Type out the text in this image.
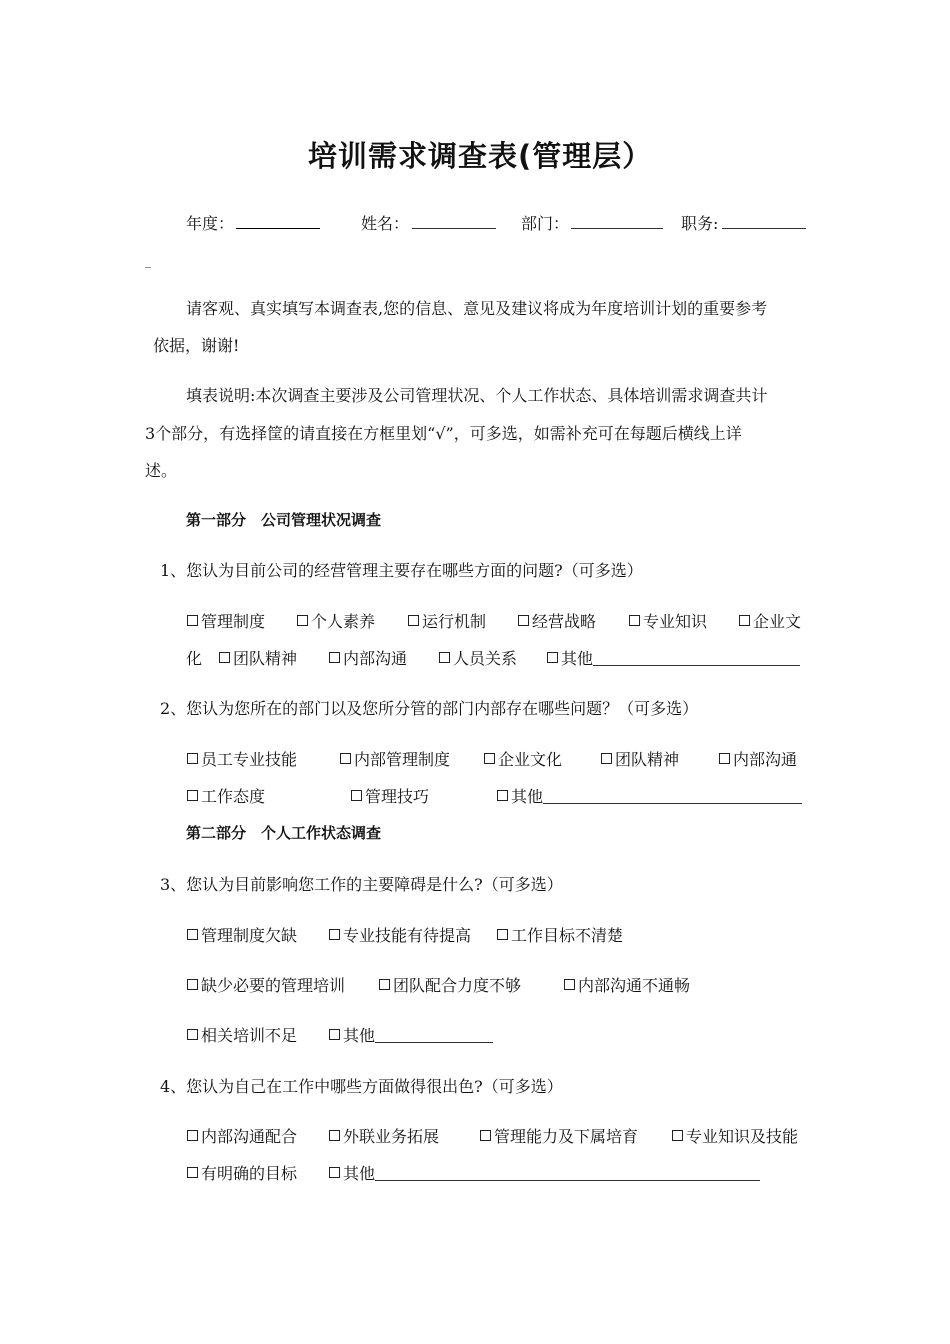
培训需求调查表(管理层）
年度：	姓名：	部门：	职务:
_
请客观、真实填写本调查表,您的信息、意见及建议将成为年度培训计划的重要参考
依据，谢谢!
填表说明:本次调查主要涉及公司管理状况、个人工作状态、具体培训需求调查共计
3个部分，有选择筐的请直接在方框里划“√”，可多选，如需补充可在每题后横线上详
述。
第一部分　公司管理状况调查
1、您认为目前公司的经营管理主要存在哪些方面的问题?（可多选）
管理制度	个人素养	运行机制	经营战略	专业知识	企业文
化 团队精神	内部沟通	人员关系	其他
2、您认为您所在的部门以及您所分管的部门内部存在哪些问题？（可多选）
员工专业技能	内部管理制度	企业文化	团队精神	内部沟通
工作态度	管理技巧	其他
第二部分　个人工作状态调查
3、您认为目前影响您工作的主要障碍是什么?（可多选）
管理制度欠缺	专业技能有待提高 工作目标不清楚
缺少必要的管理培训	团队配合力度不够	内部沟通不通畅
相关培训不足	其他
4、您认为自己在工作中哪些方面做得很出色?（可多选）
内部沟通配合	外联业务拓展	管理能力及下属培育	专业知识及技能
有明确的目标	其他
